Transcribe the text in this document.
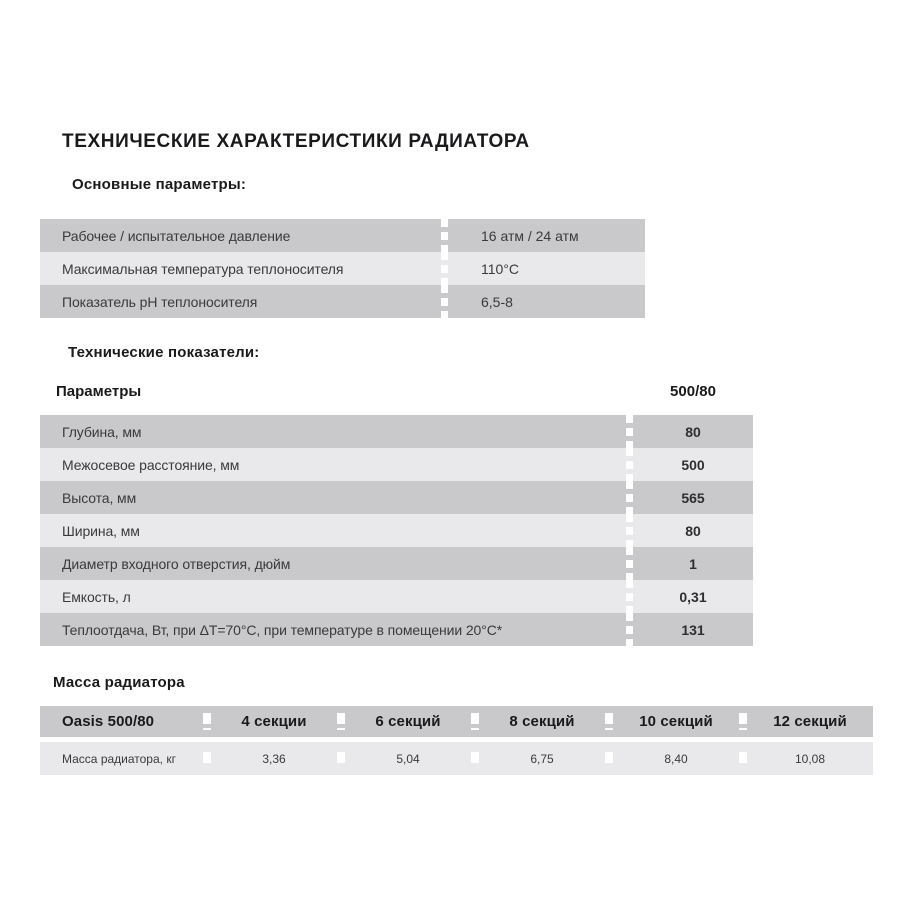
ТЕХНИЧЕСКИЕ ХАРАКТЕРИСТИКИ РАДИАТОРА
Основные параметры:
Рабочее / испытательное давление	16 атм / 24 атм
Максимальная температура теплоносителя	110°C
Показатель pH теплоносителя	6,5-8
Технические показатели:
Параметры	500/80
Глубина, мм	80
Межосевое расстояние, мм	500
Высота, мм	565
Ширина, мм	80
Диаметр входного отверстия, дюйм	1
Емкость, л	0,31
Теплоотдача, Вт, при ΔT=70°C, при температуре в помещении 20°C*	131
Масса радиатора
Oasis 500/80	4 секции	6 секций	8 секций	10 секций	12 секций
Масса радиатора, кг	3,36	5,04	6,75	8,40	10,08
